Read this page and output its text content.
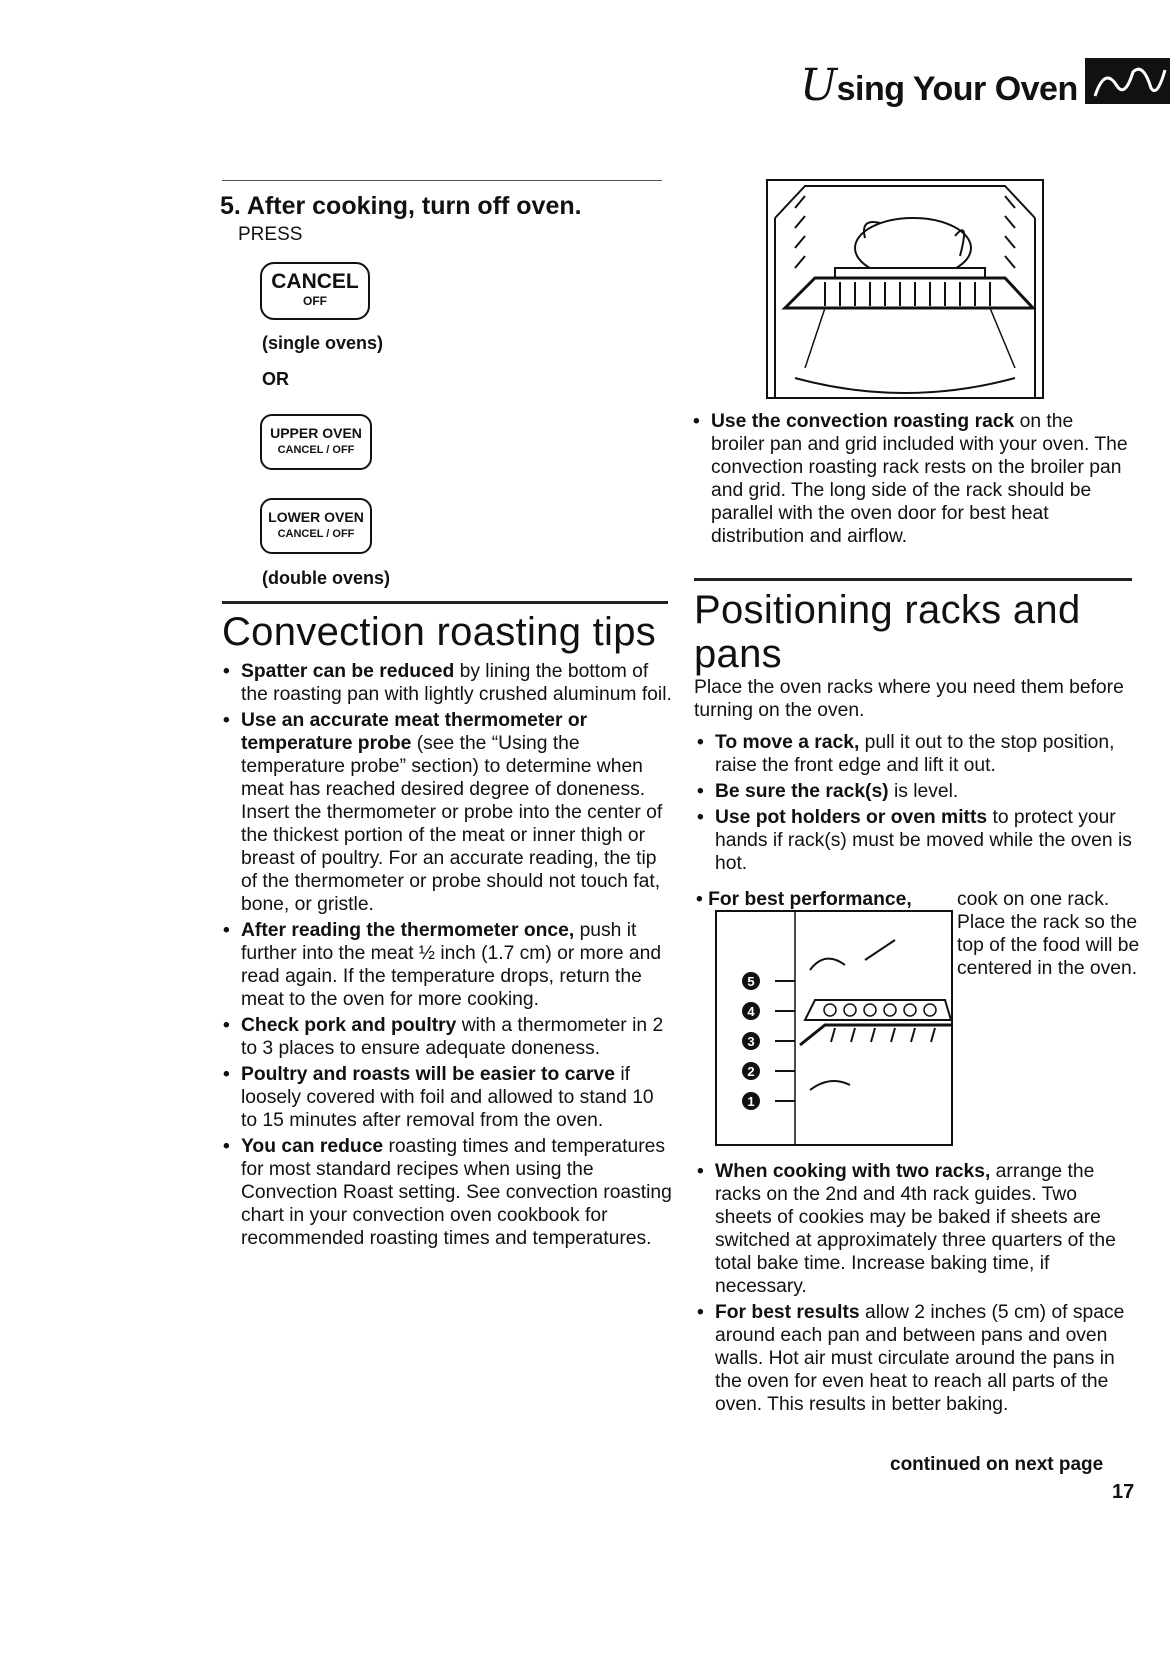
Using Your Oven
5. After cooking, turn off oven.
PRESS
CANCEL
OFF
(single ovens)
OR
UPPER OVEN
CANCEL / OFF
LOWER OVEN
CANCEL / OFF
(double ovens)
Convection roasting tips
• Spatter can be reduced by lining the bottom of the roasting pan with lightly crushed aluminum foil.
• Use an accurate meat thermometer or temperature probe (see the “Using the temperature probe” section) to determine when meat has reached desired degree of doneness. Insert the thermometer or probe into the center of the thickest portion of the meat or inner thigh or breast of poultry. For an accurate reading, the tip of the thermometer or probe should not touch fat, bone, or gristle.
• After reading the thermometer once, push it further into the meat ½ inch (1.7 cm) or more and read again. If the temperature drops, return the meat to the oven for more cooking.
• Check pork and poultry with a thermometer in 2 to 3 places to ensure adequate doneness.
• Poultry and roasts will be easier to carve if loosely covered with foil and allowed to stand 10 to 15 minutes after removal from the oven.
• You can reduce roasting times and temperatures for most standard recipes when using the Convection Roast setting. See convection roasting chart in your convection oven cookbook for recommended roasting times and temperatures.
• Use the convection roasting rack on the broiler pan and grid included with your oven. The convection roasting rack rests on the broiler pan and grid. The long side of the rack should be parallel with the oven door for best heat distribution and airflow.
Positioning racks and pans
Place the oven racks where you need them before turning on the oven.
• To move a rack, pull it out to the stop position, raise the front edge and lift it out.
• Be sure the rack(s) is level.
• Use pot holders or oven mitts to protect your hands if rack(s) must be moved while the oven is hot.
• For best performance,	cook on one rack. Place the rack so the top of the food will be centered in the oven.
5
4
3
2
1
• When cooking with two racks, arrange the racks on the 2nd and 4th rack guides. Two sheets of cookies may be baked if sheets are switched at approximately three quarters of the total bake time. Increase baking time, if necessary.
• For best results allow 2 inches (5 cm) of space around each pan and between pans and oven walls. Hot air must circulate around the pans in the oven for even heat to reach all parts of the oven. This results in better baking.
continued on next page
17
